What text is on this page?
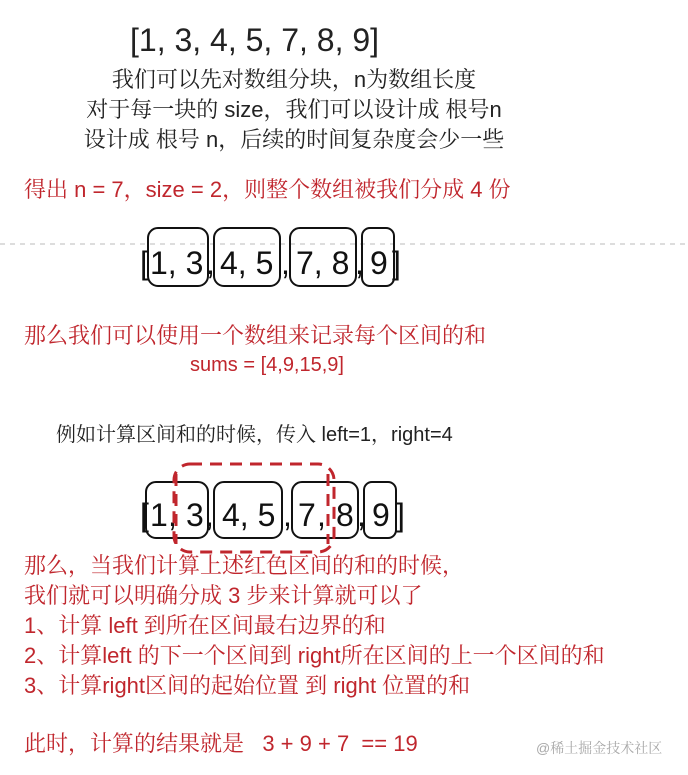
[1, 3, 4, 5, 7, 8, 9]
我们可以先对数组分块，n为数组长度
对于每一块的 size，我们可以设计成 根号n
设计成 根号 n，后续的时间复杂度会少一些
得出 n = 7，size = 2，则整个数组被我们分成 4 份
[ 1, 3 , 4, 5 , 7, 8 , 9 ]
那么我们可以使用一个数组来记录每个区间的和
sums = [4,9,15,9]
例如计算区间和的时候，传入 left=1，right=4
[ 1 , 3 , 4, 5 , 7 , 8 , 9 ]
那么，当我们计算上述红色区间的和的时候，
我们就可以明确分成 3 步来计算就可以了
1、计算 left 到所在区间最右边界的和
2、计算left 的下一个区间到 right所在区间的上一个区间的和
3、计算right区间的起始位置 到 right 位置的和
此时，计算的结果就是   3 + 9 + 7  == 19	@稀土掘金技术社区
